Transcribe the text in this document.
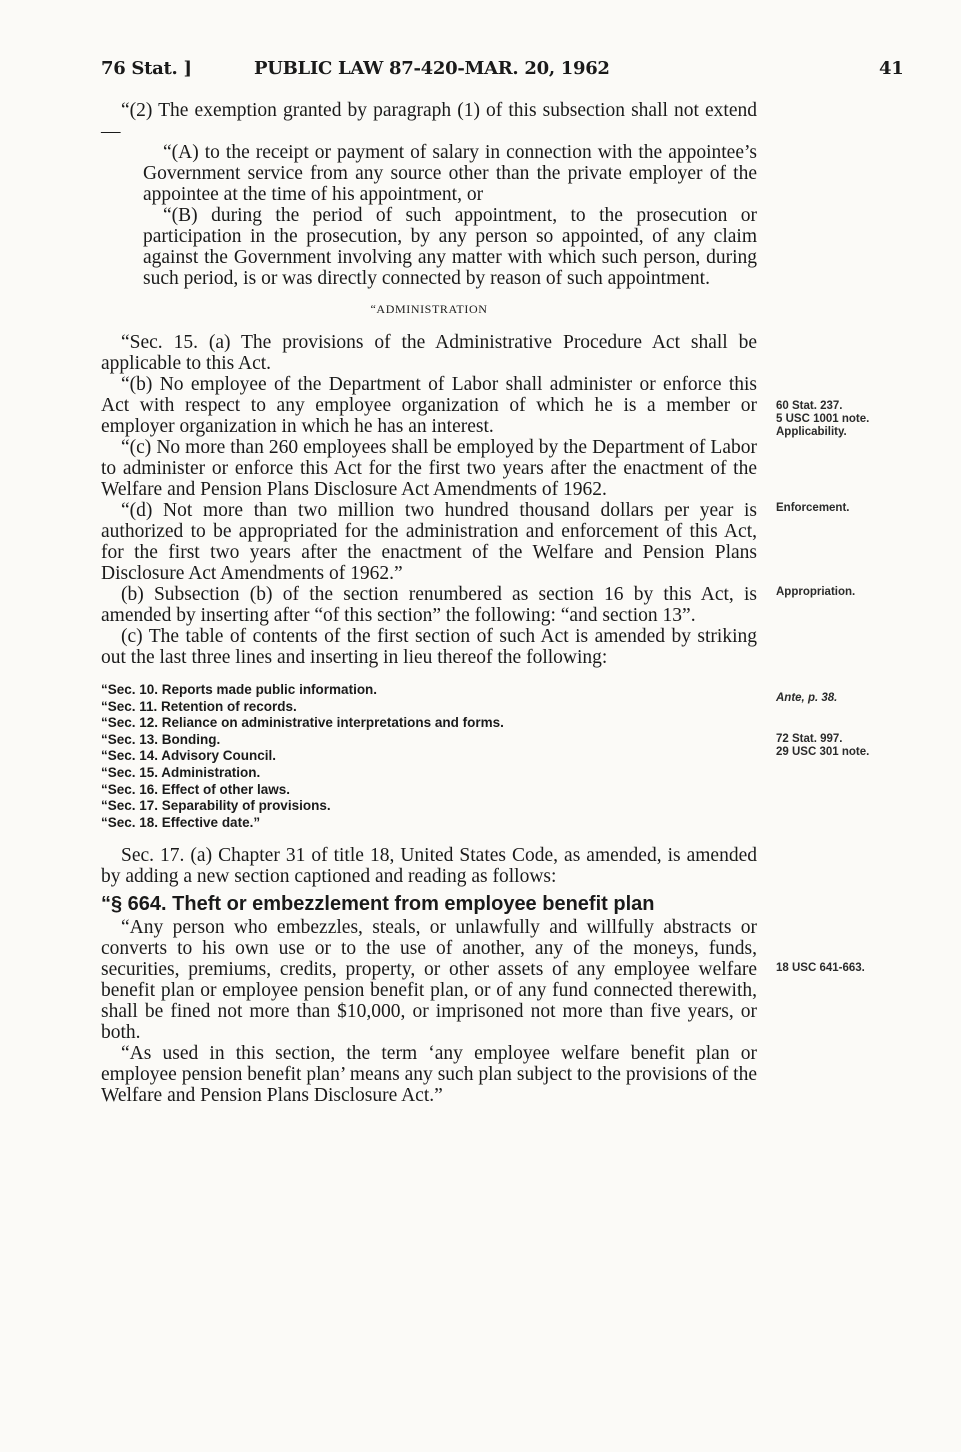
76 Stat. ]	PUBLIC LAW 87-420-MAR. 20, 1962	41

“(2) The exemption granted by paragraph (1) of this subsection shall not extend—

“(A) to the receipt or payment of salary in connection with the appointee’s Government service from any source other than the private employer of the appointee at the time of his appointment, or

“(B) during the period of such appointment, to the prosecution or participation in the prosecution, by any person so appointed, of any claim against the Government involving any matter with which such person, during such period, is or was directly connected by reason of such appointment.

“ADMINISTRATION

“Sec. 15. (a) The provisions of the Administrative Procedure Act shall be applicable to this Act.

“(b) No employee of the Department of Labor shall administer or enforce this Act with respect to any employee organization of which he is a member or employer organization in which he has an interest.

“(c) No more than 260 employees shall be employed by the Department of Labor to administer or enforce this Act for the first two years after the enactment of the Welfare and Pension Plans Disclosure Act Amendments of 1962.

“(d) Not more than two million two hundred thousand dollars per year is authorized to be appropriated for the administration and enforcement of this Act, for the first two years after the enactment of the Welfare and Pension Plans Disclosure Act Amendments of 1962.”

(b) Subsection (b) of the section renumbered as section 16 by this Act, is amended by inserting after “of this section” the following: “and section 13”.

(c) The table of contents of the first section of such Act is amended by striking out the last three lines and inserting in lieu thereof the following:

“Sec. 10. Reports made public information.
“Sec. 11. Retention of records.
“Sec. 12. Reliance on administrative interpretations and forms.
“Sec. 13. Bonding.
“Sec. 14. Advisory Council.
“Sec. 15. Administration.
“Sec. 16. Effect of other laws.
“Sec. 17. Separability of provisions.
“Sec. 18. Effective date.”

Sec. 17. (a) Chapter 31 of title 18, United States Code, as amended, is amended by adding a new section captioned and reading as follows:

“§ 664. Theft or embezzlement from employee benefit plan

“Any person who embezzles, steals, or unlawfully and willfully abstracts or converts to his own use or to the use of another, any of the moneys, funds, securities, premiums, credits, property, or other assets of any employee welfare benefit plan or employee pension benefit plan, or of any fund connected therewith, shall be fined not more than $10,000, or imprisoned not more than five years, or both.

“As used in this section, the term ‘any employee welfare benefit plan or employee pension benefit plan’ means any such plan subject to the provisions of the Welfare and Pension Plans Disclosure Act.”

60 Stat. 237.
5 USC 1001 note.
Applicability.
Enforcement.
Appropriation.
Ante, p. 38.
72 Stat. 997.
29 USC 301 note.
18 USC 641-663.
